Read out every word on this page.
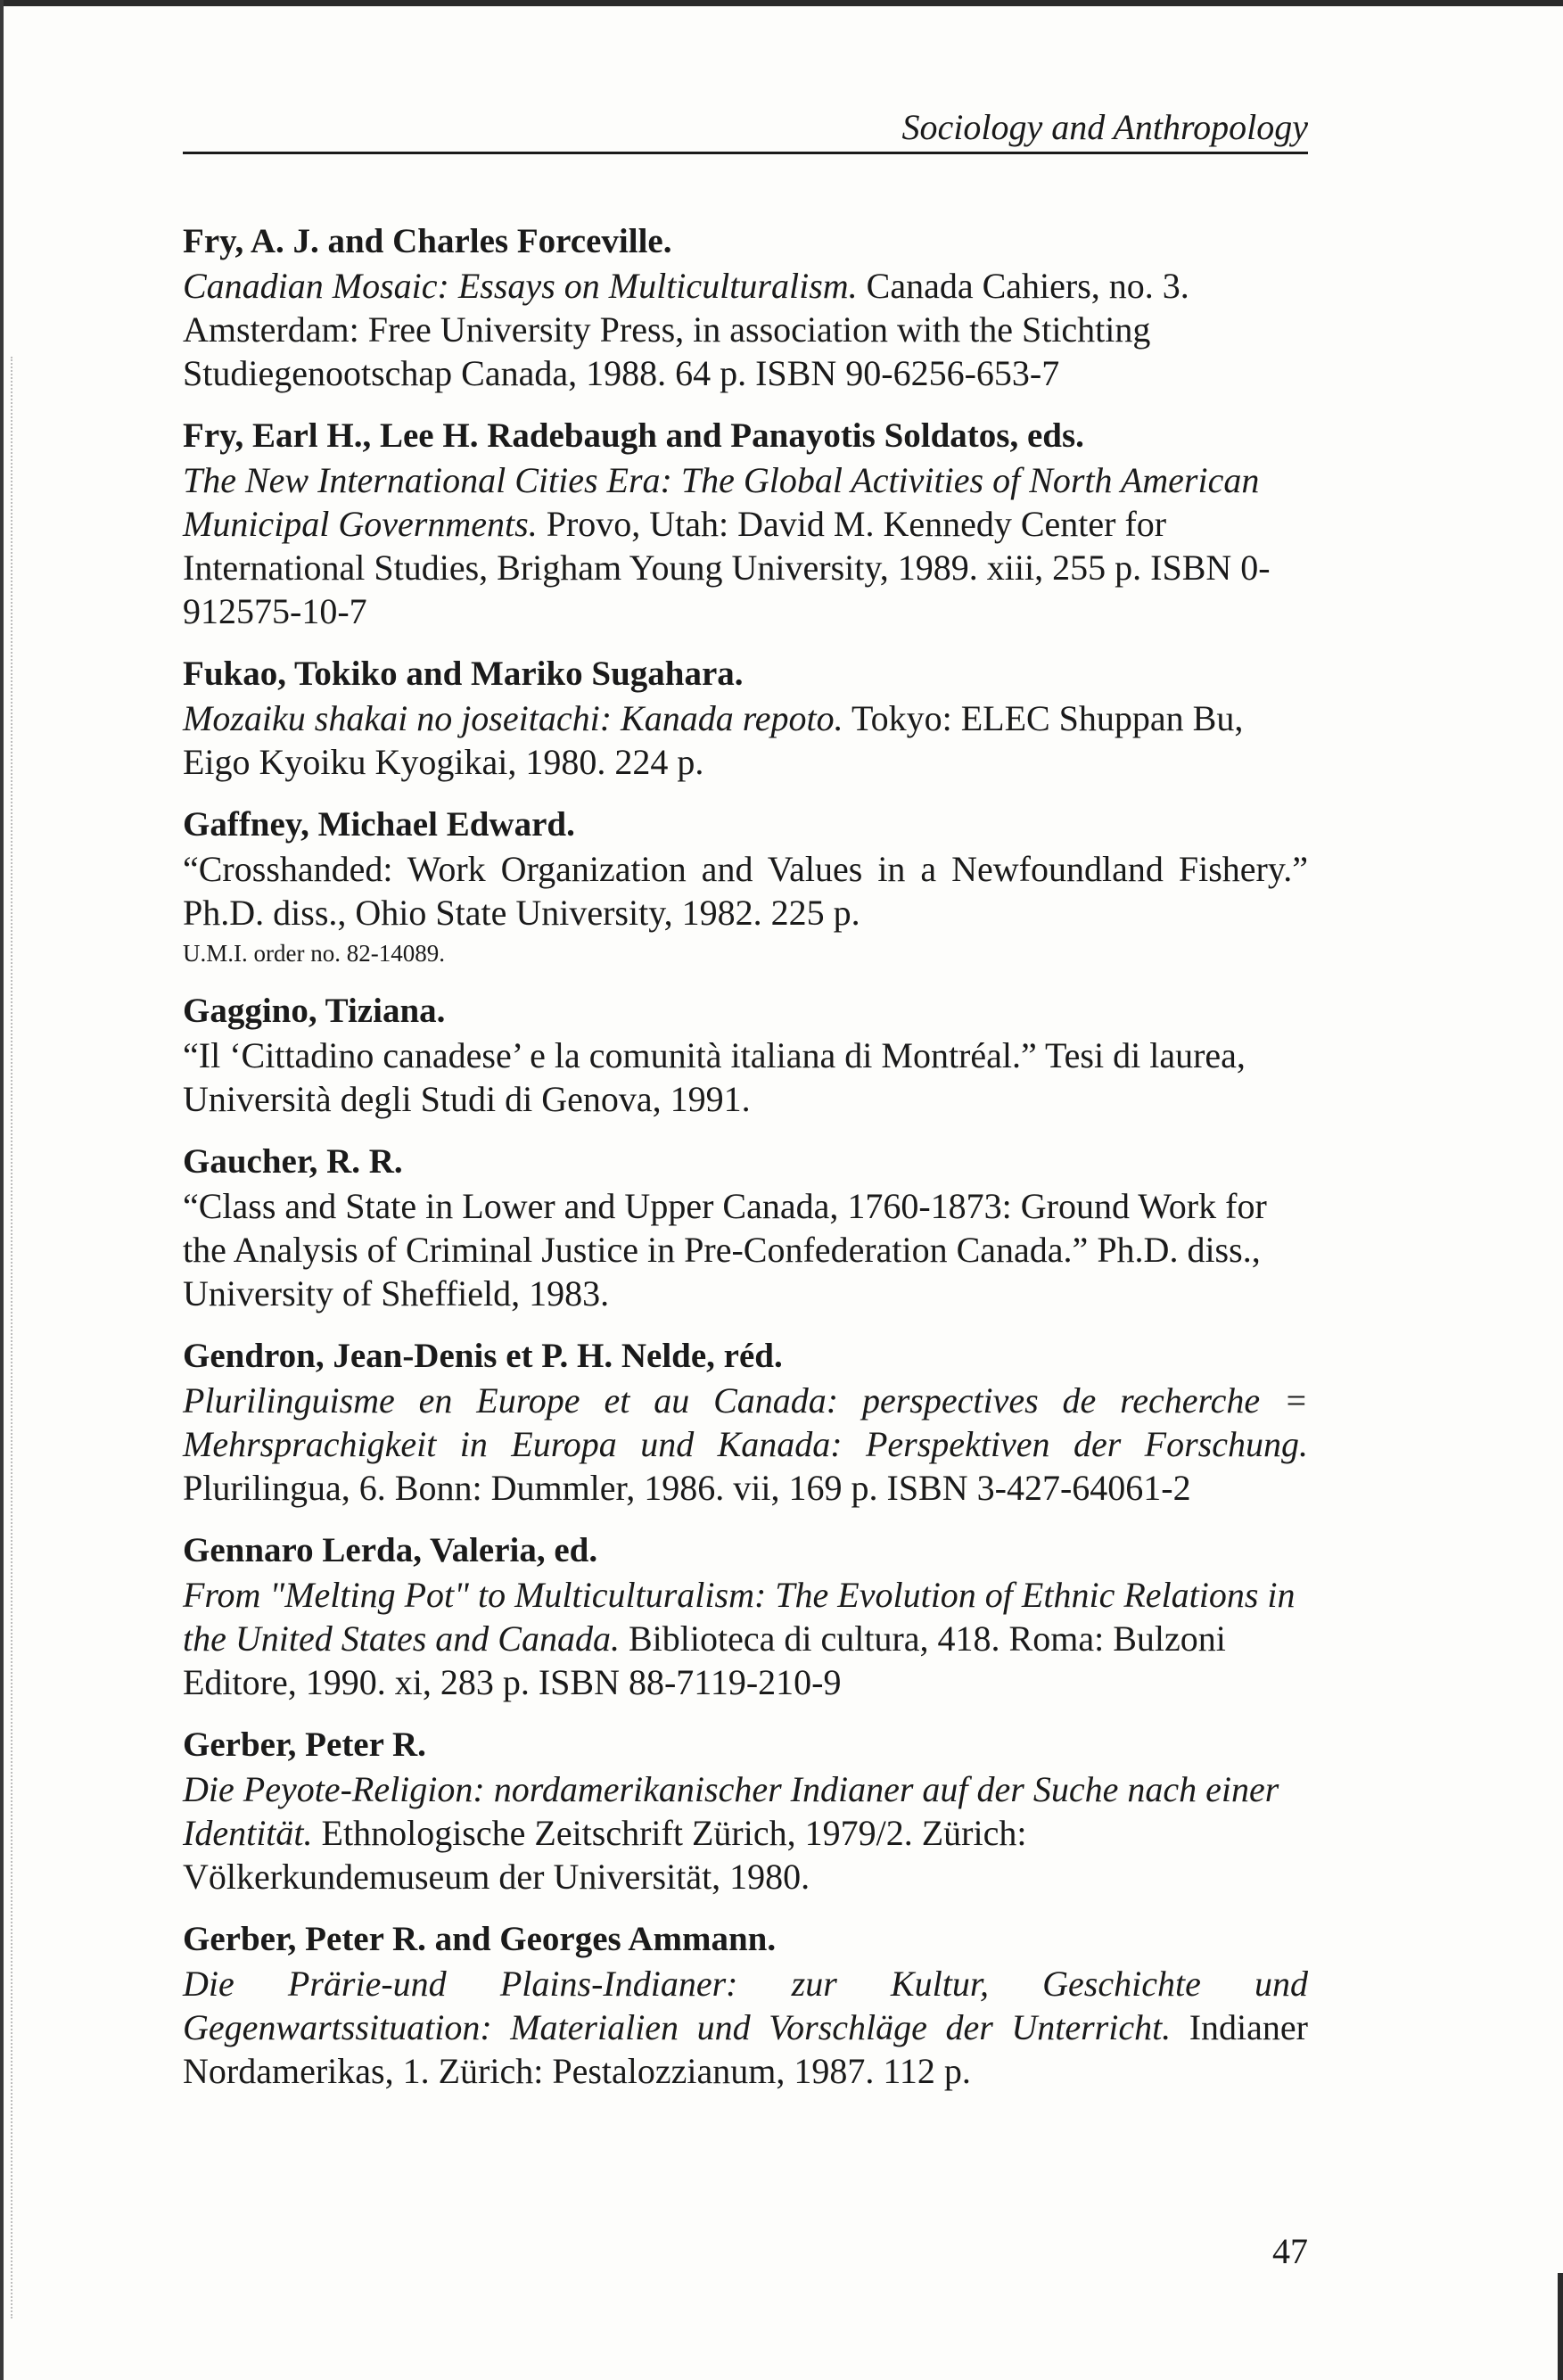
Sociology and Anthropology
Fry, A. J. and Charles Forceville.
Canadian Mosaic: Essays on Multiculturalism. Canada Cahiers, no. 3. Amsterdam: Free University Press, in association with the Stichting Studiegenootschap Canada, 1988. 64 p. ISBN 90-6256-653-7
Fry, Earl H., Lee H. Radebaugh and Panayotis Soldatos, eds.
The New International Cities Era: The Global Activities of North American Municipal Governments. Provo, Utah: David M. Kennedy Center for International Studies, Brigham Young University, 1989. xiii, 255 p. ISBN 0-912575-10-7
Fukao, Tokiko and Mariko Sugahara.
Mozaiku shakai no joseitachi: Kanada repoto. Tokyo: ELEC Shuppan Bu, Eigo Kyoiku Kyogikai, 1980. 224 p.
Gaffney, Michael Edward.
“Crosshanded: Work Organization and Values in a Newfoundland Fishery.” Ph.D. diss., Ohio State University, 1982. 225 p.
U.M.I. order no. 82-14089.
Gaggino, Tiziana.
“Il ‘Cittadino canadese’ e la comunità italiana di Montréal.” Tesi di laurea, Università degli Studi di Genova, 1991.
Gaucher, R. R.
“Class and State in Lower and Upper Canada, 1760-1873: Ground Work for the Analysis of Criminal Justice in Pre-Confederation Canada.” Ph.D. diss., University of Sheffield, 1983.
Gendron, Jean-Denis et P. H. Nelde, réd.
Plurilinguisme en Europe et au Canada: perspectives de recherche = Mehrsprachigkeit in Europa und Kanada: Perspektiven der Forschung. Plurilingua, 6. Bonn: Dummler, 1986. vii, 169 p. ISBN 3-427-64061-2
Gennaro Lerda, Valeria, ed.
From "Melting Pot" to Multiculturalism: The Evolution of Ethnic Relations in the United States and Canada. Biblioteca di cultura, 418. Roma: Bulzoni Editore, 1990. xi, 283 p. ISBN 88-7119-210-9
Gerber, Peter R.
Die Peyote-Religion: nordamerikanischer Indianer auf der Suche nach einer Identität. Ethnologische Zeitschrift Zürich, 1979/2. Zürich: Völkerkundemuseum der Universität, 1980.
Gerber, Peter R. and Georges Ammann.
Die Prärie-und Plains-Indianer: zur Kultur, Geschichte und Gegenwartssituation: Materialien und Vorschläge der Unterricht. Indianer Nordamerikas, 1. Zürich: Pestalozzianum, 1987. 112 p.
47
